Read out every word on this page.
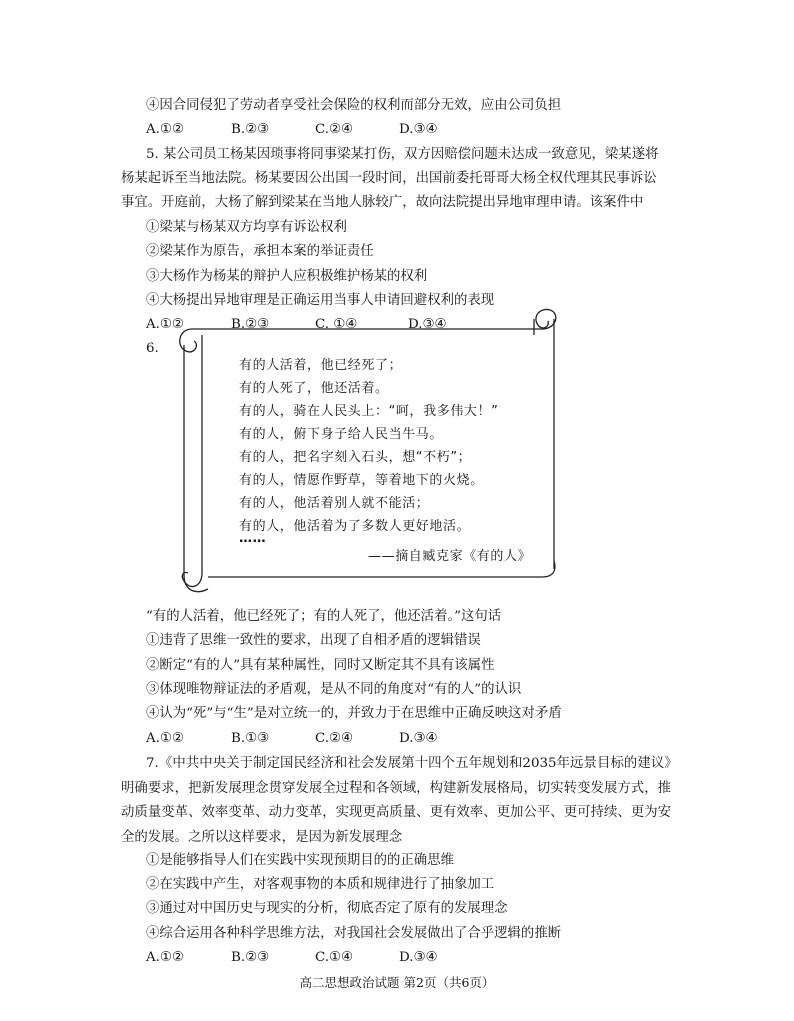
④因合同侵犯了劳动者享受社会保险的权利而部分无效，应由公司负担
A.①②	B.②③	C.②④	D.③④
5. 某公司员工杨某因琐事将同事梁某打伤，双方因赔偿问题未达成一致意见，梁某遂将
杨某起诉至当地法院。杨某要因公出国一段时间，出国前委托哥哥大杨全权代理其民事诉讼
事宜。开庭前，大杨了解到梁某在当地人脉较广，故向法院提出异地审理申请。该案件中
①梁某与杨某双方均享有诉讼权利
②梁某作为原告，承担本案的举证责任
③大杨作为杨某的辩护人应积极维护杨某的权利
④大杨提出异地审理是正确运用当事人申请回避权利的表现
A.①②	B.②③	C. ①④	D.③④
6.
有的人活着，他已经死了；
有的人死了，他还活着。
有的人，骑在人民头上：“呵，我多伟大！”
有的人，俯下身子给人民当牛马。
有的人，把名字刻入石头，想“不朽”；
有的人，情愿作野草，等着地下的火烧。
有的人，他活着别人就不能活；
有的人，他活着为了多数人更好地活。
……
——摘自臧克家《有的人》
“有的人活着，他已经死了；有的人死了，他还活着。”这句话
①违背了思维一致性的要求，出现了自相矛盾的逻辑错误
②断定“有的人”具有某种属性，同时又断定其不具有该属性
③体现唯物辩证法的矛盾观，是从不同的角度对“有的人”的认识
④认为“死”与“生”是对立统一的，并致力于在思维中正确反映这对矛盾
A.①②	B.①③	C.②④	D.③④
7.《中共中央关于制定国民经济和社会发展第十四个五年规划和2035年远景目标的建议》明确要求，把新发展理念贯穿发展全过程和各领域，构建新发展格局，切实转变发展方式，推动质量变革、效率变革、动力变革，实现更高质量、更有效率、更加公平、更可持续、更为安全的发展。之所以这样要求，是因为新发展理念
①是能够指导人们在实践中实现预期目的的正确思维
②在实践中产生，对客观事物的本质和规律进行了抽象加工
③通过对中国历史与现实的分析，彻底否定了原有的发展理念
④综合运用各种科学思维方法，对我国社会发展做出了合乎逻辑的推断
A.①②	B.②③	C.①④	D.③④
高二思想政治试题 第2页（共6页）
